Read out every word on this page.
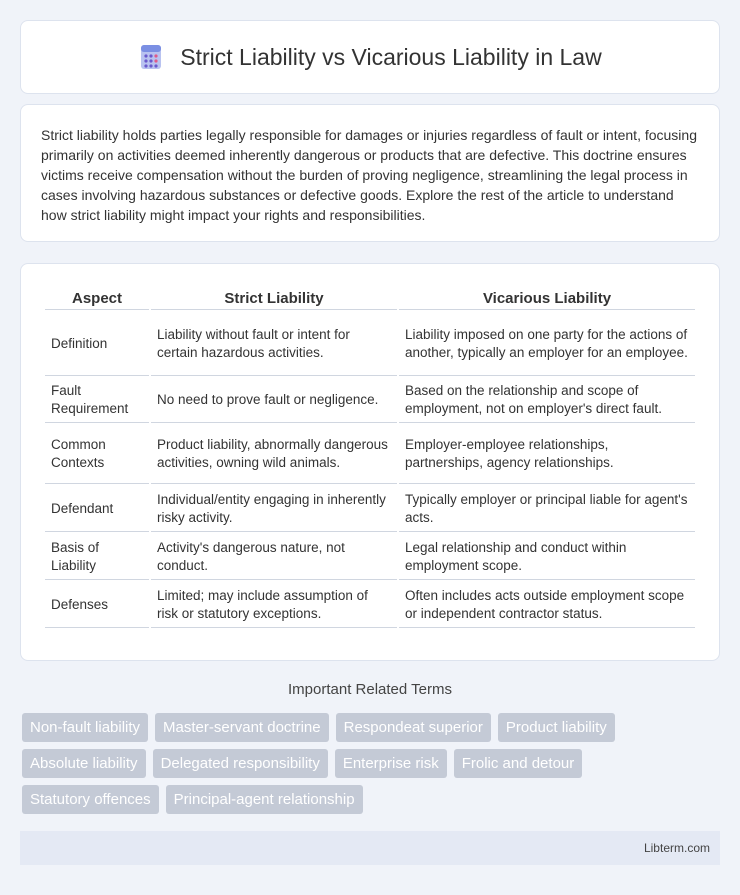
Strict Liability vs Vicarious Liability in Law

Strict liability holds parties legally responsible for damages or injuries regardless of fault or intent, focusing primarily on activities deemed inherently dangerous or products that are defective. This doctrine ensures victims receive compensation without the burden of proving negligence, streamlining the legal process in cases involving hazardous substances or defective goods. Explore the rest of the article to understand how strict liability might impact your rights and responsibilities.

Aspect	Strict Liability	Vicarious Liability
Definition	Liability without fault or intent for certain hazardous activities.	Liability imposed on one party for the actions of another, typically an employer for an employee.
Fault Requirement	No need to prove fault or negligence.	Based on the relationship and scope of employment, not on employer's direct fault.
Common Contexts	Product liability, abnormally dangerous activities, owning wild animals.	Employer-employee relationships, partnerships, agency relationships.
Defendant	Individual/entity engaging in inherently risky activity.	Typically employer or principal liable for agent's acts.
Basis of Liability	Activity's dangerous nature, not conduct.	Legal relationship and conduct within employment scope.
Defenses	Limited; may include assumption of risk or statutory exceptions.	Often includes acts outside employment scope or independent contractor status.
Important Related Terms
Non-fault liability	Master-servant doctrine	Respondeat superior	Product liability
Absolute liability	Delegated responsibility	Enterprise risk	Frolic and detour
Statutory offences	Principal-agent relationship
Libterm.com
